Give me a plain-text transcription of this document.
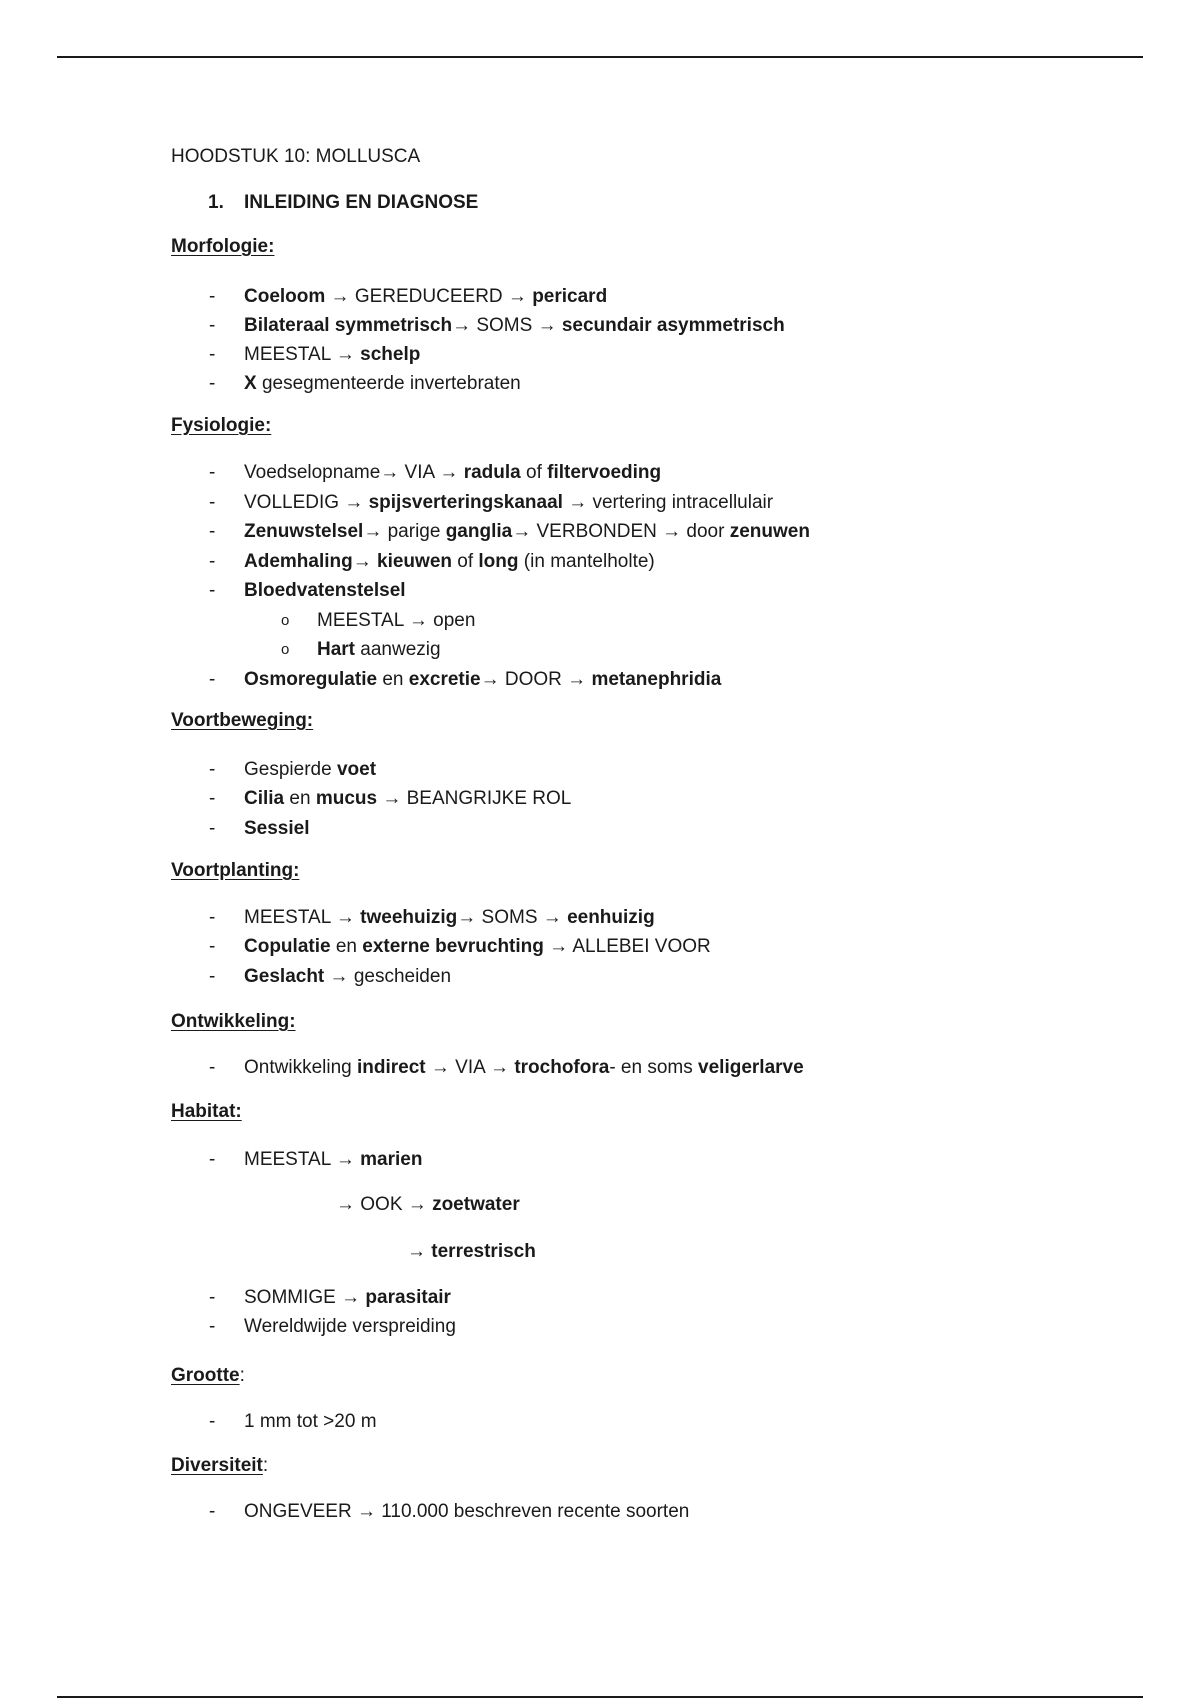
HOODSTUK 10: MOLLUSCA
1. INLEIDING EN DIAGNOSE
Morfologie:
- Coeloom → GEREDUCEERD → pericard
- Bilateraal symmetrisch→ SOMS → secundair asymmetrisch
- MEESTAL → schelp
- X gesegmenteerde invertebraten
Fysiologie:
- Voedselopname→ VIA → radula of filtervoeding
- VOLLEDIG → spijsverteringskanaal → vertering intracellulair
- Zenuwstelsel→ parige ganglia→ VERBONDEN → door zenuwen
- Ademhaling→ kieuwen of long (in mantelholte)
- Bloedvatenstelsel
o MEESTAL → open
o Hart aanwezig
- Osmoregulatie en excretie→ DOOR → metanephridia
Voortbeweging:
- Gespierde voet
- Cilia en mucus → BEANGRIJKE ROL
- Sessiel
Voortplanting:
- MEESTAL → tweehuizig→ SOMS → eenhuizig
- Copulatie en externe bevruchting → ALLEBEI VOOR
- Geslacht → gescheiden
Ontwikkeling:
- Ontwikkeling indirect → VIA → trochofora- en soms veligerlarve
Habitat:
- MEESTAL → marien
→ OOK → zoetwater
→ terrestrisch
- SOMMIGE → parasitair
- Wereldwijde verspreiding
Grootte:
- 1 mm tot >20 m
Diversiteit:
- ONGEVEER → 110.000 beschreven recente soorten
